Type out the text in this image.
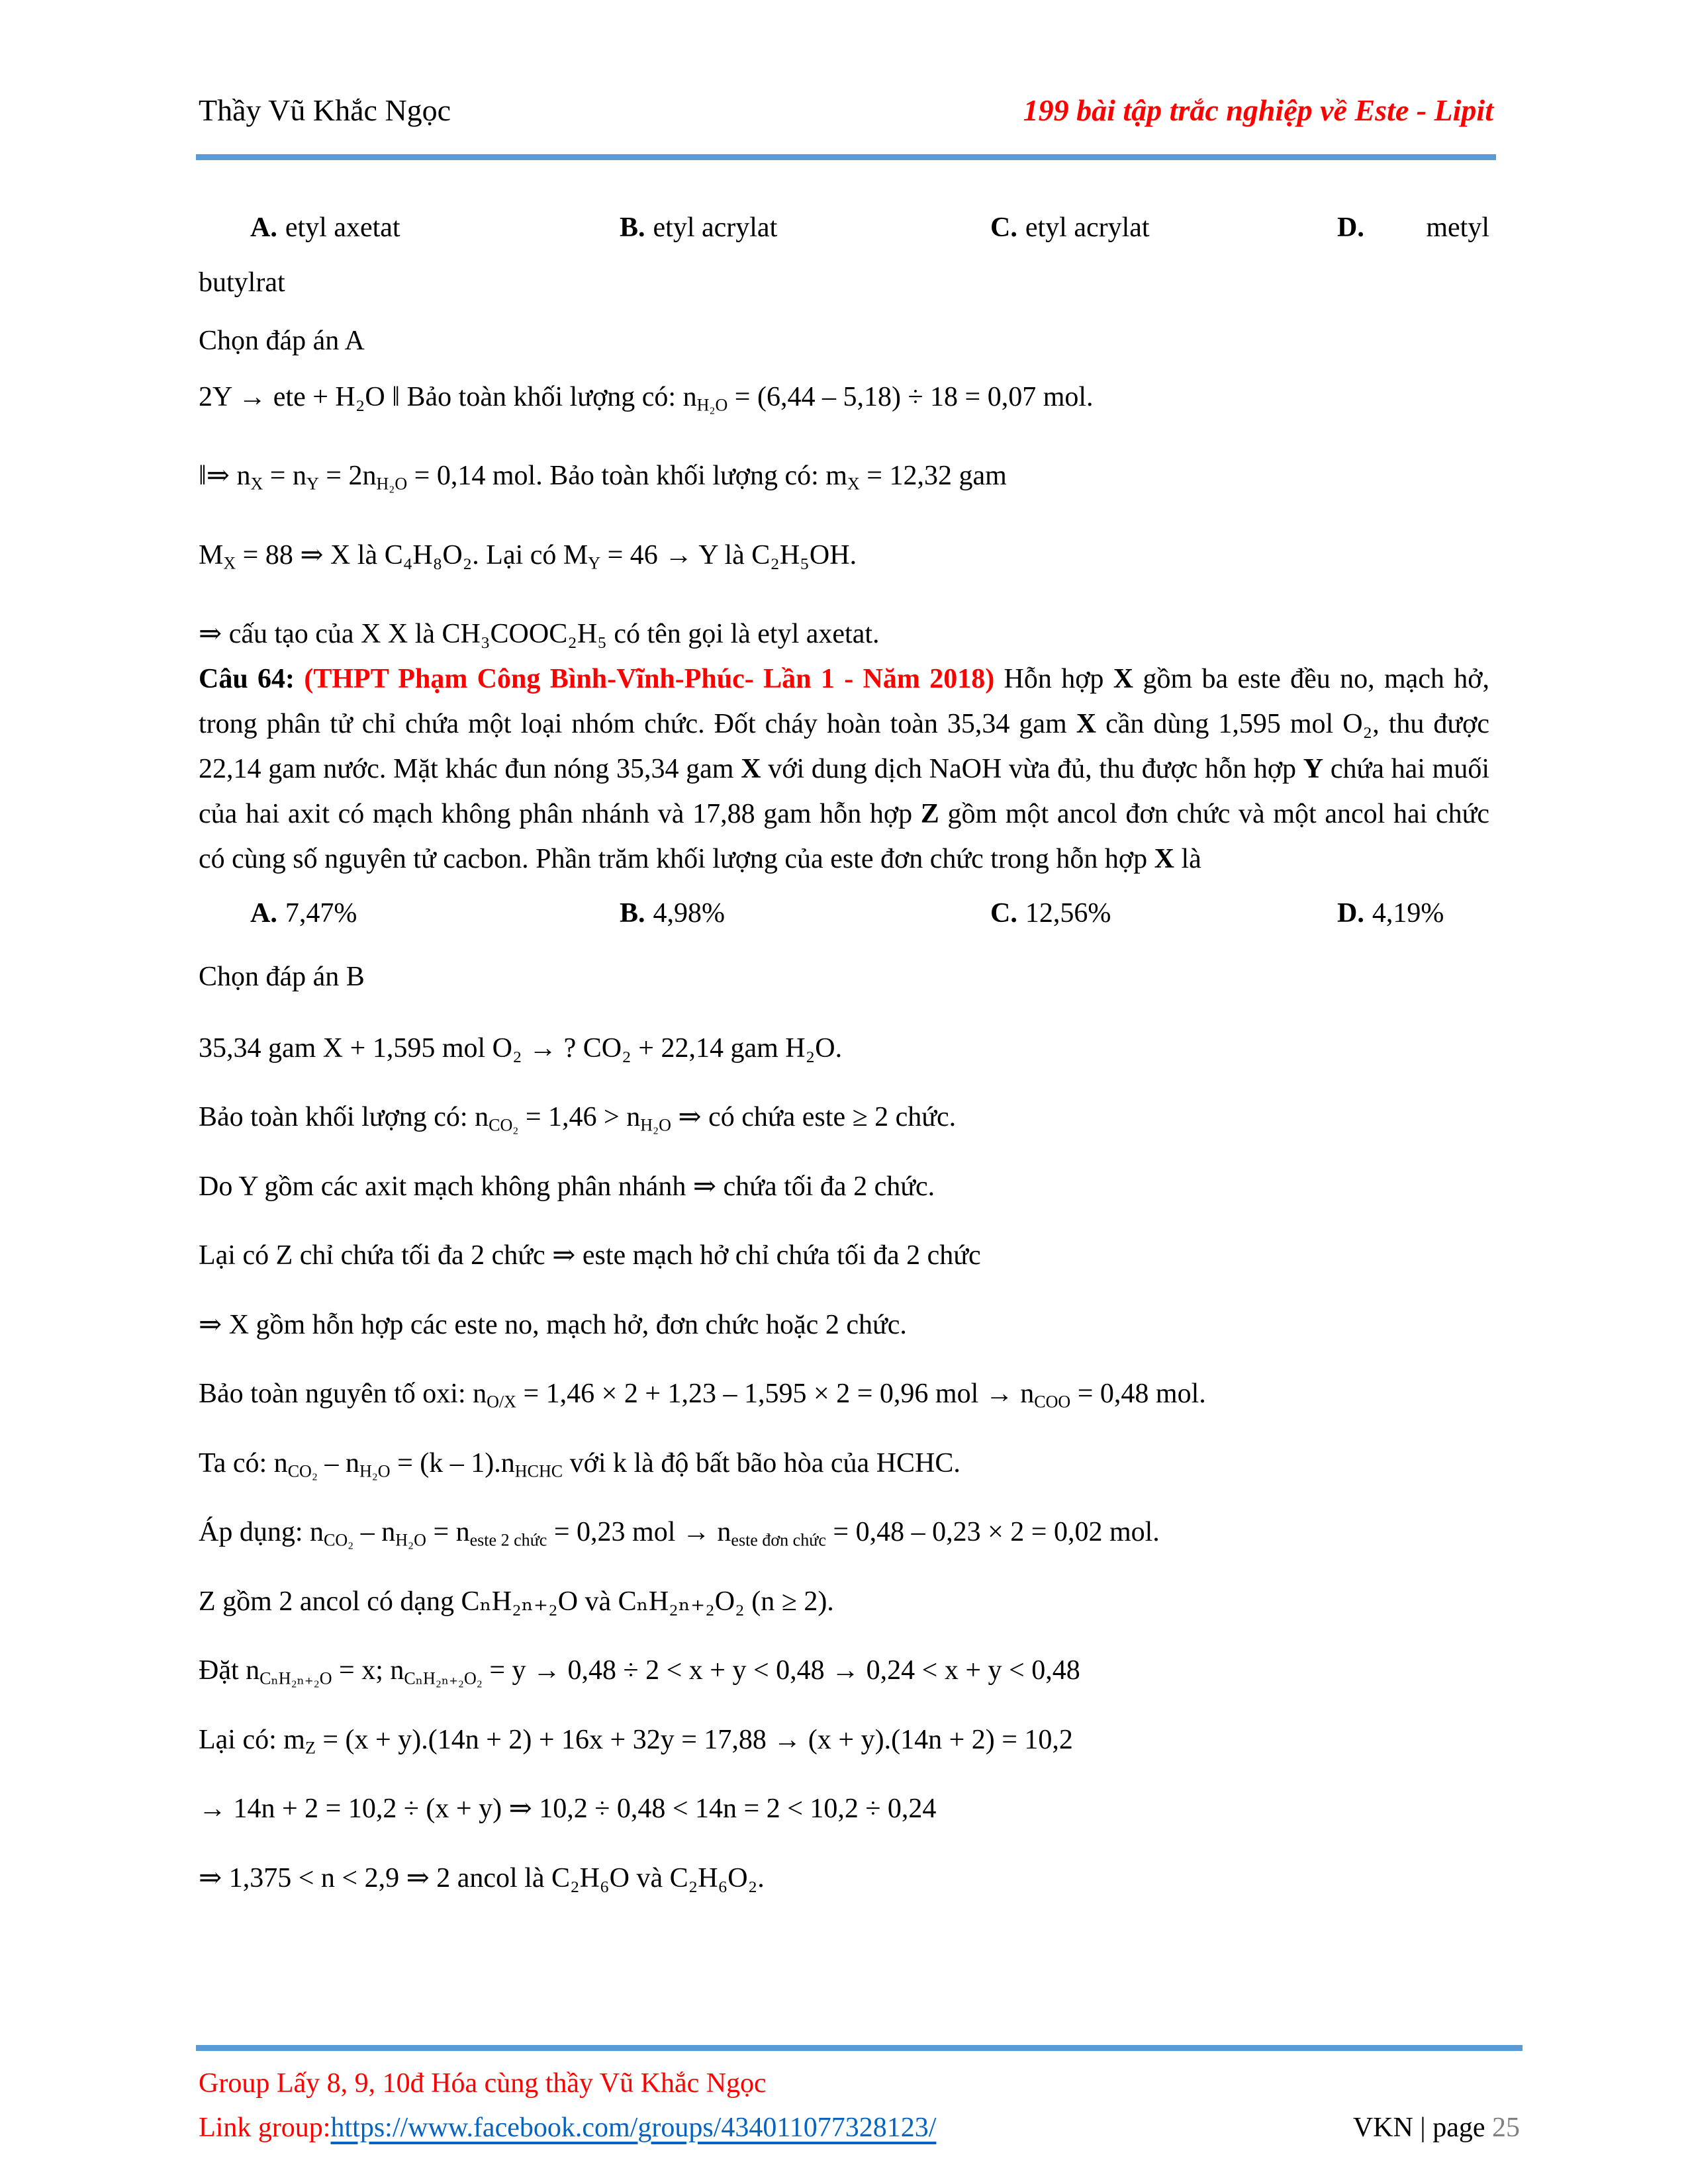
Thầy Vũ Khắc Ngọc	199 bài tập trắc nghiệp về Este - Lipit
A. etyl axetat	B. etyl acrylat	C. etyl acrylat	D. metyl
butylrat
Chọn đáp án A
2Y → ete + H₂O ‖ Bảo toàn khối lượng có: $n_{H_2O} = (6,44 - 5,18) \div 18 = 0,07$ mol.
‖⇒ $n_X = n_Y = 2n_{H_2O} = 0,14$ mol. Bảo toàn khối lượng có: $m_X = 12,32$ gam
$M_X = 88$ ⇒ X là C₄H₈O₂. Lại có $M_Y = 46 \to Y$ là C₂H₅OH.
⇒ cấu tạo của X X là CH₃COOC₂H₅ có tên gọi là etyl axetat.
Câu 64: (THPT Phạm Công Bình-Vĩnh-Phúc- Lần 1 - Năm 2018) Hỗn hợp X gồm ba este đều no, mạch hở, trong phân tử chỉ chứa một loại nhóm chức. Đốt cháy hoàn toàn 35,34 gam X cần dùng 1,595 mol O₂, thu được 22,14 gam nước. Mặt khác đun nóng 35,34 gam X với dung dịch NaOH vừa đủ, thu được hỗn hợp Y chứa hai muối của hai axit có mạch không phân nhánh và 17,88 gam hỗn hợp Z gồm một ancol đơn chức và một ancol hai chức có cùng số nguyên tử cacbon. Phần trăm khối lượng của este đơn chức trong hỗn hợp X là
A. 7,47%	B. 4,98%	C. 12,56%	D. 4,19%
Chọn đáp án B
35,34 gam X + 1,595 mol O₂ → ? CO₂ + 22,14 gam H₂O.
Bảo toàn khối lượng có: $n_{CO_2} = 1,46 > n_{H_2O}$ ⇒ có chứa este ≥ 2 chức.
Do Y gồm các axit mạch không phân nhánh ⇒ chứa tối đa 2 chức.
Lại có Z chỉ chứa tối đa 2 chức ⇒ este mạch hở chỉ chứa tối đa 2 chức
⇒ X gồm hỗn hợp các este no, mạch hở, đơn chức hoặc 2 chức.
Bảo toàn nguyên tố oxi: $n_{O/X} = 1,46 \times 2 + 1,23 - 1,595 \times 2 = 0,96$ mol → $n_{COO} = 0,48$ mol.
Ta có: $n_{CO_2} - n_{H_2O} = (k - 1).n_{HCHC}$ với k là độ bất bão hòa của HCHC.
Áp dụng: $n_{CO_2} - n_{H_2O} = n_{este 2 chức} = 0,23$ mol → $n_{este đơn chức} = 0,48 - 0,23 \times 2 = 0,02$ mol.
Z gồm 2 ancol có dạng CₙH₂ₙ₊₂O và CₙH₂ₙ₊₂O₂ (n ≥ 2).
Đặt $n_{C_nH_{2n+2}O} = x$; $n_{C_nH_{2n+2}O_2} = y \to 0,48 \div 2 < x + y < 0,48 \to 0,24 < x + y < 0,48$
Lại có: $m_Z = (x + y).(14n + 2) + 16x + 32y = 17,88 \to (x + y).(14n + 2) = 10,2$
→ 14n + 2 = 10,2 ÷ (x + y) ⇒ 10,2 ÷ 0,48 < 14n = 2 < 10,2 ÷ 0,24
⇒ 1,375 < n < 2,9 ⇒ 2 ancol là C₂H₆O và C₂H₆O₂.
Group Lấy 8, 9, 10đ Hóa cùng thầy Vũ Khắc Ngọc
Link group: https://www.facebook.com/groups/434011077328123/	VKN | page 25
